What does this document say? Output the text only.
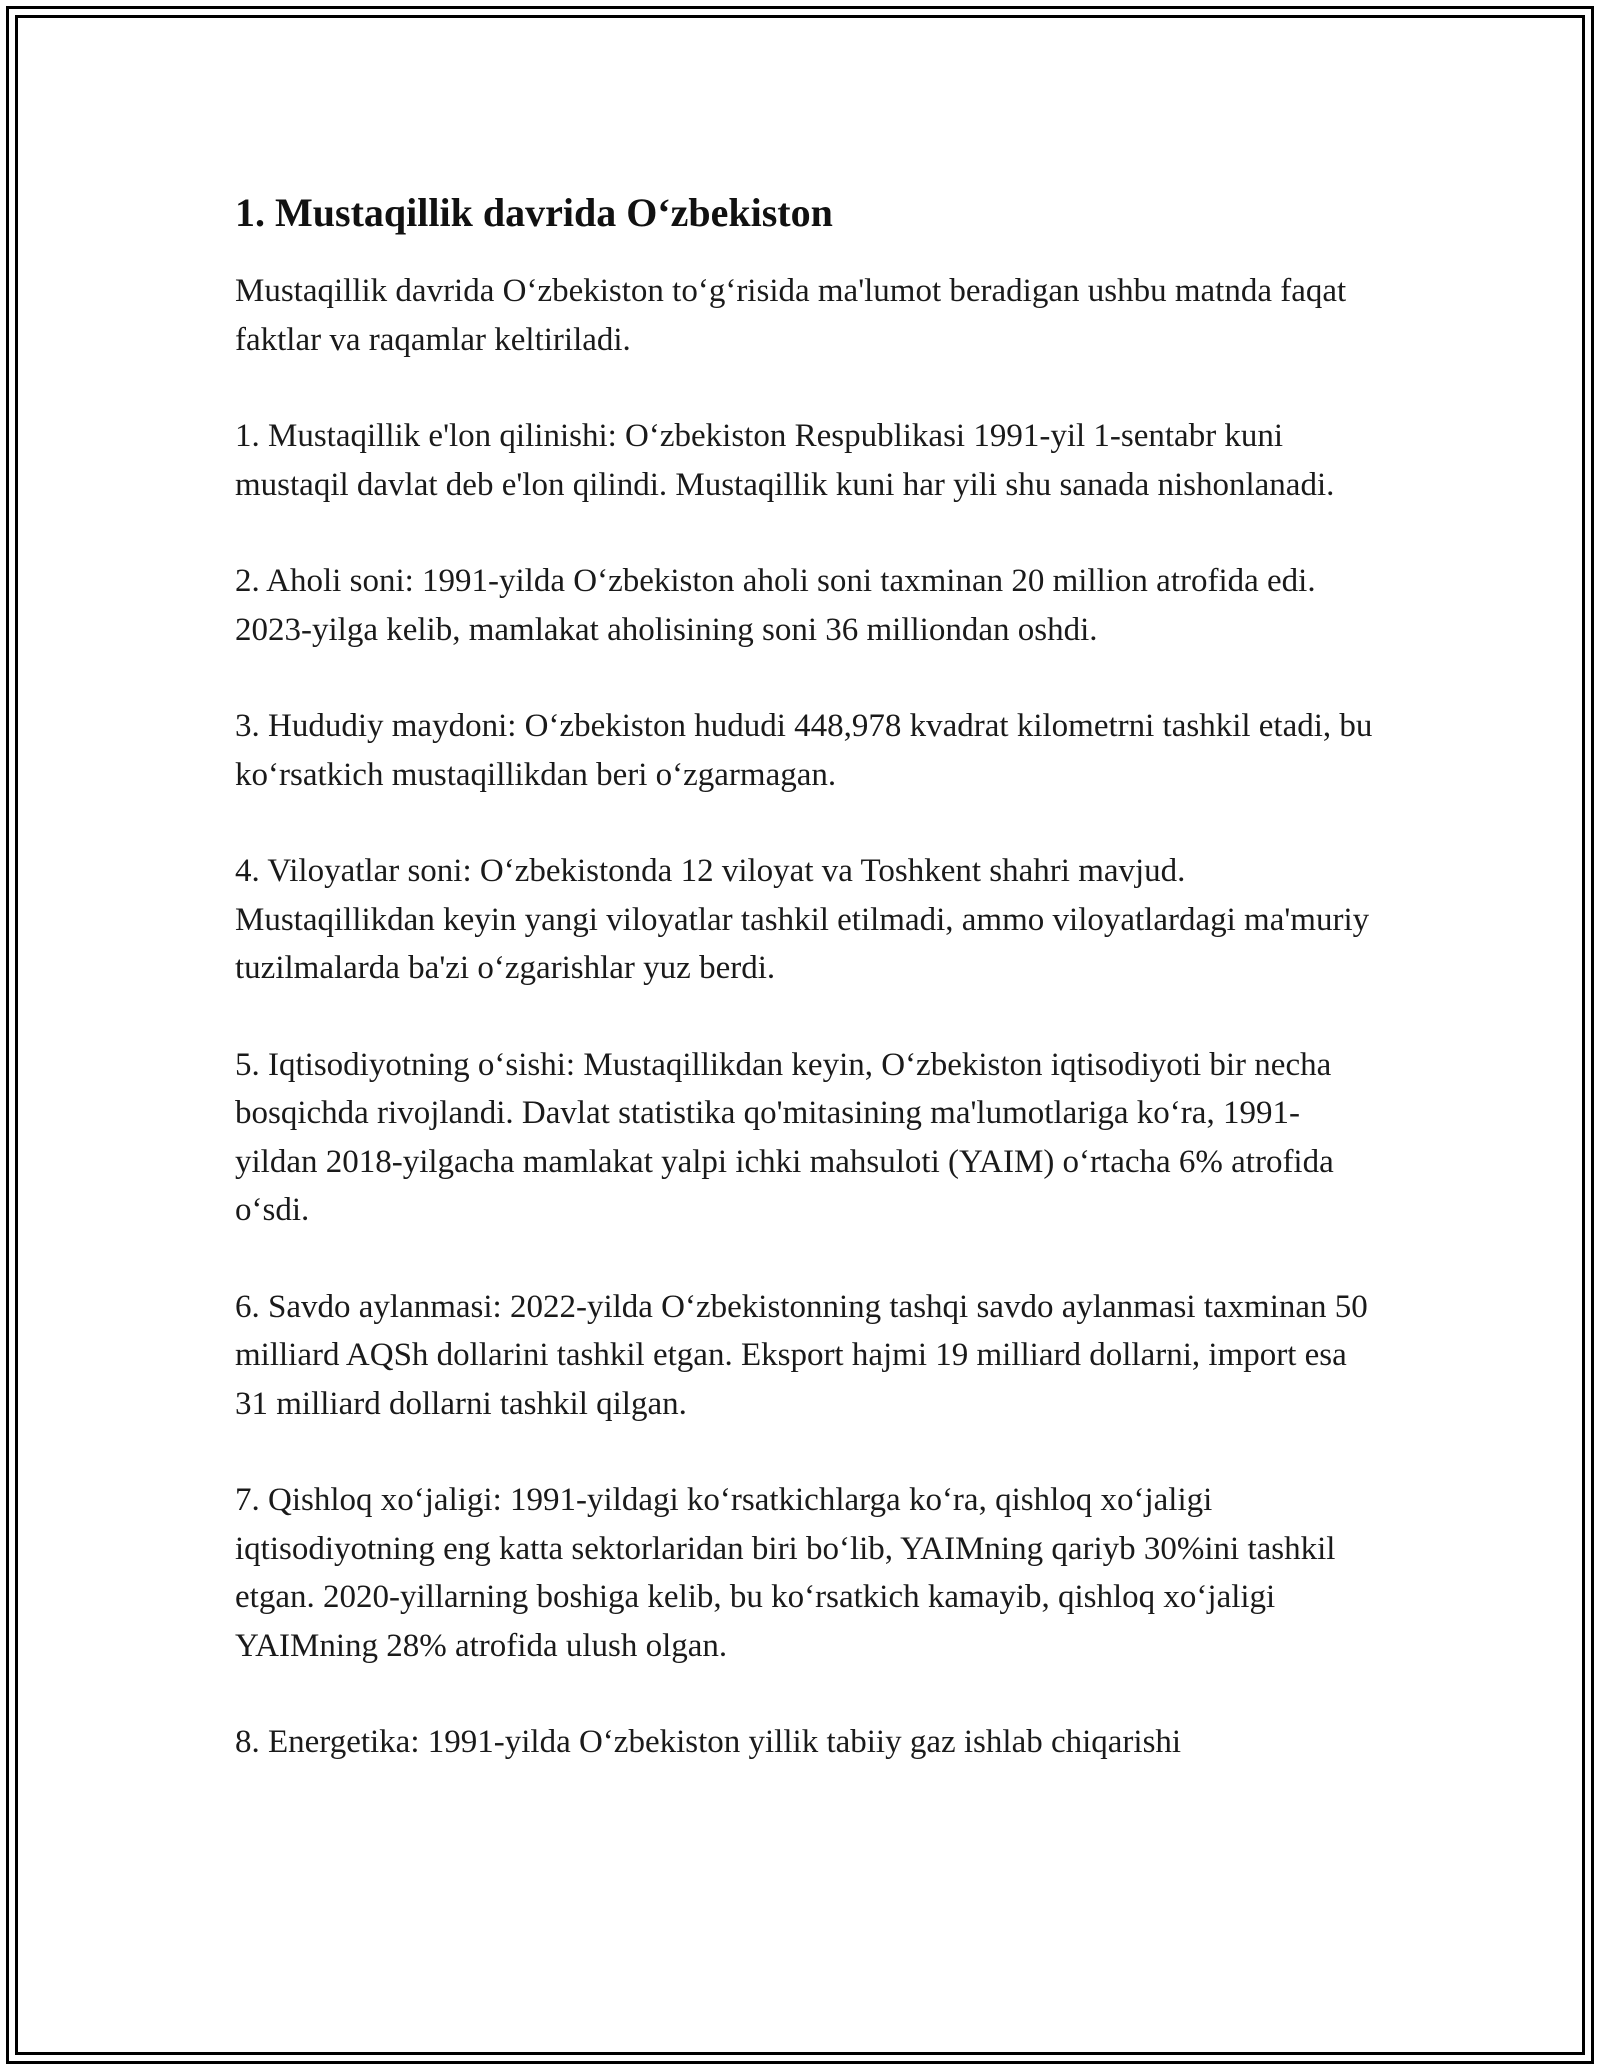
1. Mustaqillik davrida O‘zbekiston

Mustaqillik davrida O‘zbekiston to‘g‘risida ma'lumot beradigan ushbu matnda faqat faktlar va raqamlar keltiriladi.

1. Mustaqillik e'lon qilinishi: O‘zbekiston Respublikasi 1991-yil 1-sentabr kuni mustaqil davlat deb e'lon qilindi. Mustaqillik kuni har yili shu sanada nishonlanadi.

2. Aholi soni: 1991-yilda O‘zbekiston aholi soni taxminan 20 million atrofida edi. 2023-yilga kelib, mamlakat aholisining soni 36 milliondan oshdi.

3. Hududiy maydoni: O‘zbekiston hududi 448,978 kvadrat kilometrni tashkil etadi, bu ko‘rsatkich mustaqillikdan beri o‘zgarmagan.

4. Viloyatlar soni: O‘zbekistonda 12 viloyat va Toshkent shahri mavjud. Mustaqillikdan keyin yangi viloyatlar tashkil etilmadi, ammo viloyatlardagi ma'muriy tuzilmalarda ba'zi o‘zgarishlar yuz berdi.

5. Iqtisodiyotning o‘sishi: Mustaqillikdan keyin, O‘zbekiston iqtisodiyoti bir necha bosqichda rivojlandi. Davlat statistika qo'mitasining ma'lumotlariga ko‘ra, 1991-yildan 2018-yilgacha mamlakat yalpi ichki mahsuloti (YAIM) o‘rtacha 6% atrofida o‘sdi.

6. Savdo aylanmasi: 2022-yilda O‘zbekistonning tashqi savdo aylanmasi taxminan 50 milliard AQSh dollarini tashkil etgan. Eksport hajmi 19 milliard dollarni, import esa 31 milliard dollarni tashkil qilgan.

7. Qishloq xo‘jaligi: 1991-yildagi ko‘rsatkichlarga ko‘ra, qishloq xo‘jaligi iqtisodiyotning eng katta sektorlaridan biri bo‘lib, YAIMning qariyb 30%ini tashkil etgan. 2020-yillarning boshiga kelib, bu ko‘rsatkich kamayib, qishloq xo‘jaligi YAIMning 28% atrofida ulush olgan.

8. Energetika: 1991-yilda O‘zbekiston yillik tabiiy gaz ishlab chiqarishi
